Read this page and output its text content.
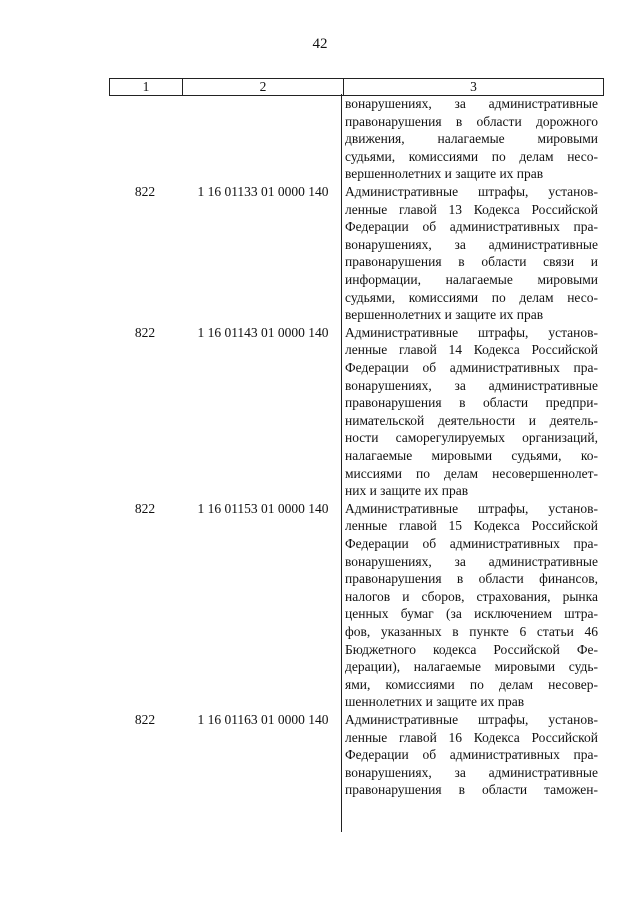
42
1	2	3
вонарушениях, за административные
правонарушения в области дорожного
движения, налагаемые мировыми
судьями, комиссиями по делам несо-
вершеннолетних и защите их прав
822	1 16 01133 01 0000 140	Административные штрафы, установ-
ленные главой 13 Кодекса Российской
Федерации об административных пра-
вонарушениях, за административные
правонарушения в области связи и
информации, налагаемые мировыми
судьями, комиссиями по делам несо-
вершеннолетних и защите их прав
822	1 16 01143 01 0000 140	Административные штрафы, установ-
ленные главой 14 Кодекса Российской
Федерации об административных пра-
вонарушениях, за административные
правонарушения в области предпри-
нимательской деятельности и деятель-
ности саморегулируемых организаций,
налагаемые мировыми судьями, ко-
миссиями по делам несовершеннолет-
них и защите их прав
822	1 16 01153 01 0000 140	Административные штрафы, установ-
ленные главой 15 Кодекса Российской
Федерации об административных пра-
вонарушениях, за административные
правонарушения в области финансов,
налогов и сборов, страхования, рынка
ценных бумаг (за исключением штра-
фов, указанных в пункте 6 статьи 46
Бюджетного кодекса Российской Фе-
дерации), налагаемые мировыми судь-
ями, комиссиями по делам несовер-
шеннолетних и защите их прав
822	1 16 01163 01 0000 140	Административные штрафы, установ-
ленные главой 16 Кодекса Российской
Федерации об административных пра-
вонарушениях, за административные
правонарушения в области таможен-
